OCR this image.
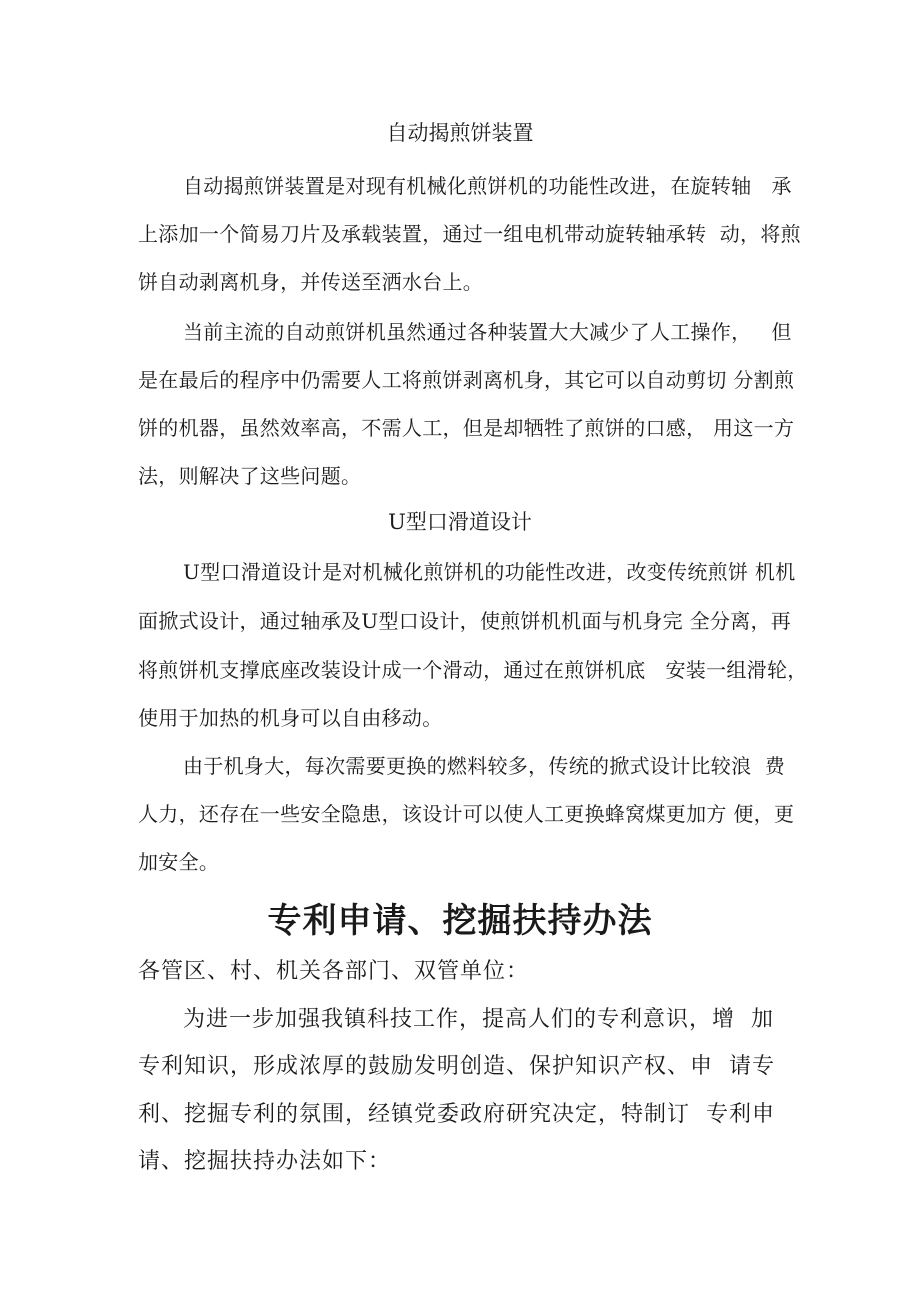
自动揭煎饼装置
自动揭煎饼装置是对现有机械化煎饼机的功能性改进，在旋转轴   承
上添加一个简易刀片及承载装置，通过一组电机带动旋转轴承转  动，将煎
饼自动剥离机身，并传送至洒水台上。
当前主流的自动煎饼机虽然通过各种装置大大减少了人工操作，   但
是在最后的程序中仍需要人工将煎饼剥离机身，其它可以自动剪切 分割煎
饼的机器，虽然效率高，不需人工，但是却牺牲了煎饼的口感， 用这一方
法，则解决了这些问题。
U型口滑道设计
U型口滑道设计是对机械化煎饼机的功能性改进，改变传统煎饼 机机
面掀式设计，通过轴承及U型口设计，使煎饼机机面与机身完 全分离，再
将煎饼机支撑底座改装设计成一个滑动，通过在煎饼机底   安装一组滑轮，
使用于加热的机身可以自由移动。
由于机身大，每次需要更换的燃料较多，传统的掀式设计比较浪  费
人力，还存在一些安全隐患，该设计可以使人工更换蜂窝煤更加方 便，更
加安全。
专利申请、挖掘扶持办法
各管区、村、机关各部门、双管单位：
为进一步加强我镇科技工作，提高人们的专利意识，增  加
专利知识，形成浓厚的鼓励发明创造、保护知识产权、申  请专
利、挖掘专利的氛围，经镇党委政府研究决定，特制订  专利申
请、挖掘扶持办法如下：
